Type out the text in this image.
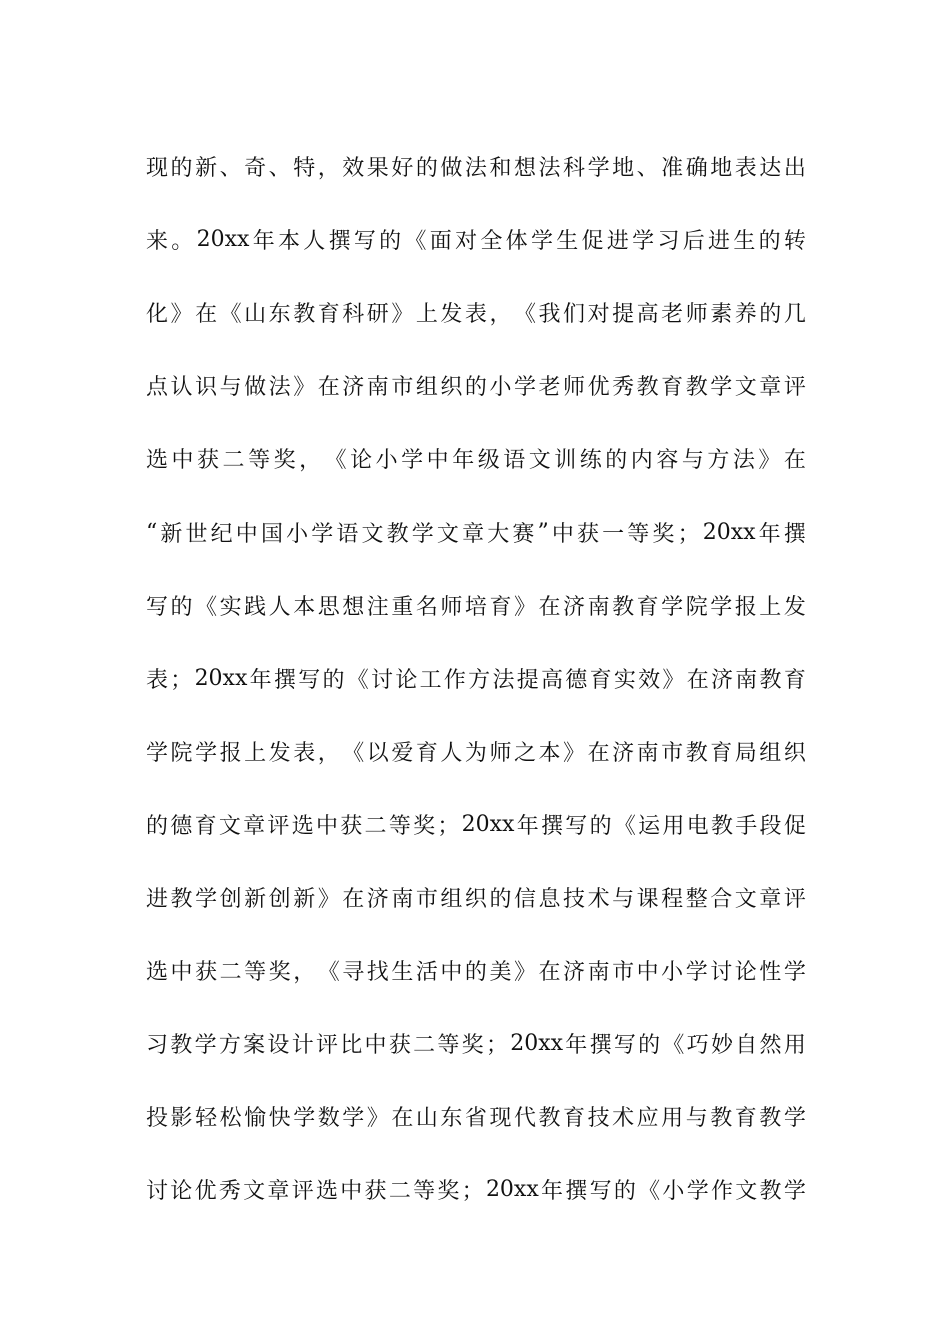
现 的 新 、 奇 、 特 ， 效 果 好 的 做 法 和 想 法 科 学 地 、 准 确 地 表 达 出
来 。 20xx 年 本 人 撰 写 的 《 面 对 全 体 学 生 促 进 学 习 后 进 生 的 转
化 》 在 《 山 东 教 育 科 研 》 上 发 表 ， 《 我 们 对 提 高 老 师 素 养 的 几
点 认 识 与 做 法 》 在 济 南 市 组 织 的 小 学 老 师 优 秀 教 育 教 学 文 章 评
选 中 获 二 等 奖 ， 《 论 小 学 中 年 级 语 文 训 练 的 内 容 与 方 法 》 在
“ 新 世 纪 中 国 小 学 语 文 教 学 文 章 大 赛 ” 中 获 一 等 奖 ； 20xx 年 撰
写 的 《 实 践 人 本 思 想 注 重 名 师 培 育 》 在 济 南 教 育 学 院 学 报 上 发
表 ； 20xx 年 撰 写 的 《 讨 论 工 作 方 法 提 高 德 育 实 效 》 在 济 南 教 育
学 院 学 报 上 发 表 ， 《 以 爱 育 人 为 师 之 本 》 在 济 南 市 教 育 局 组 织
的 德 育 文 章 评 选 中 获 二 等 奖 ； 20xx 年 撰 写 的 《 运 用 电 教 手 段 促
进 教 学 创 新 创 新 》 在 济 南 市 组 织 的 信 息 技 术 与 课 程 整 合 文 章 评
选 中 获 二 等 奖 ， 《 寻 找 生 活 中 的 美 》 在 济 南 市 中 小 学 讨 论 性 学
习 教 学 方 案 设 计 评 比 中 获 二 等 奖 ； 20xx 年 撰 写 的 《 巧 妙 自 然 用
投 影 轻 松 愉 快 学 数 学 》 在 山 东 省 现 代 教 育 技 术 应 用 与 教 育 教 学
讨 论 优 秀 文 章 评 选 中 获 二 等 奖 ； 20xx 年 撰 写 的 《 小 学 作 文 教 学
